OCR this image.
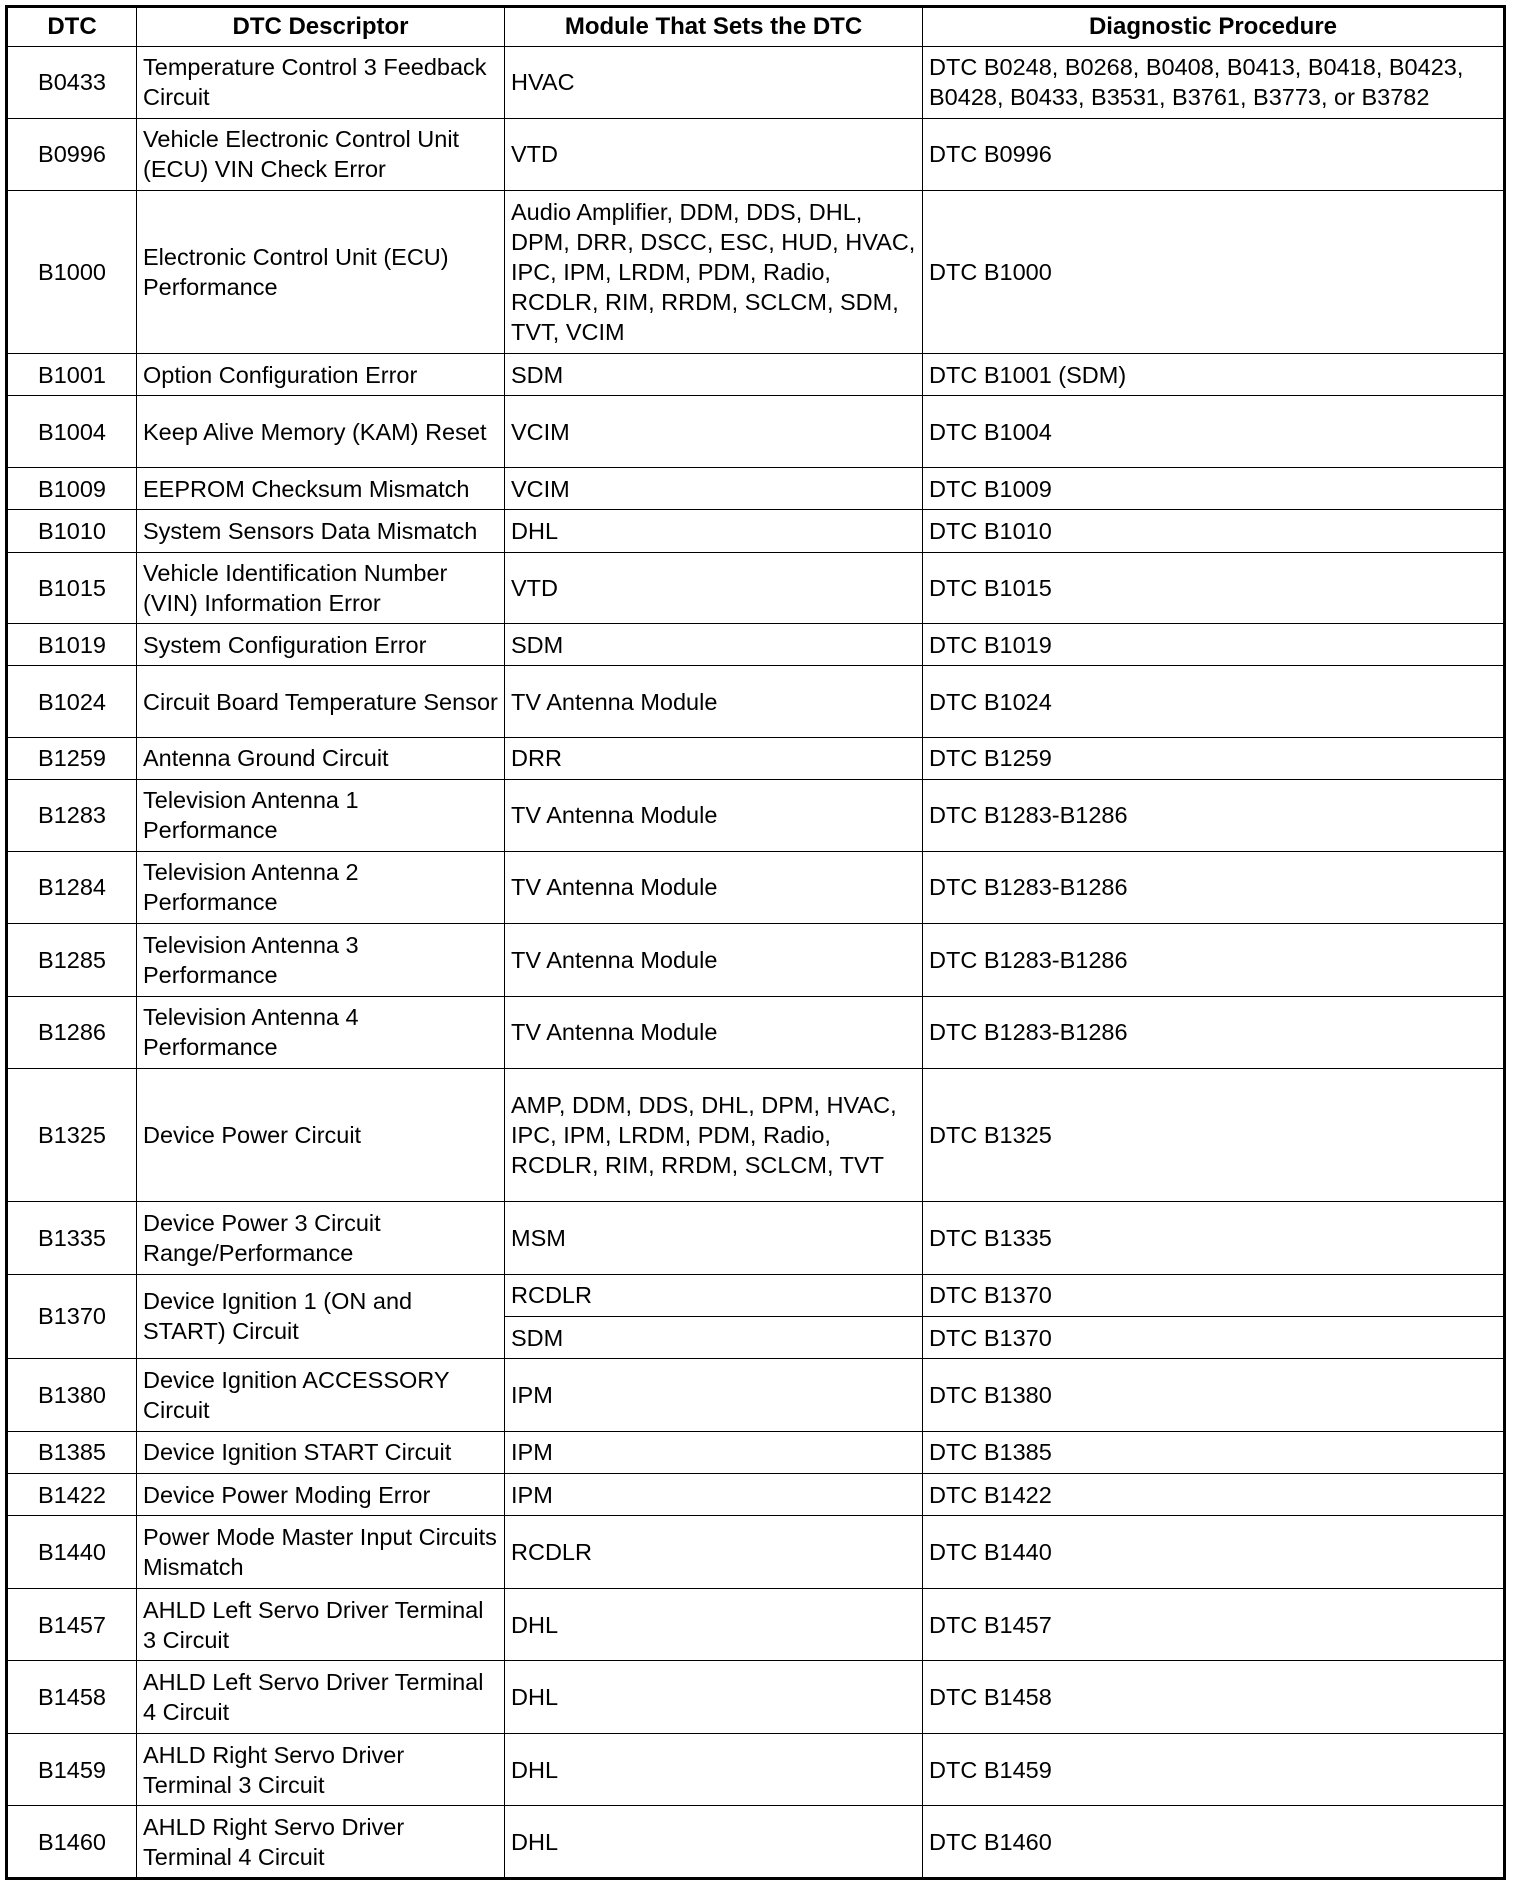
DTC	DTC Descriptor	Module That Sets the DTC	Diagnostic Procedure
B0433	Temperature Control 3 Feedback Circuit	HVAC	DTC B0248, B0268, B0408, B0413, B0418, B0423, B0428, B0433, B3531, B3761, B3773, or B3782
B0996	Vehicle Electronic Control Unit (ECU) VIN Check Error	VTD	DTC B0996
B1000	Electronic Control Unit (ECU) Performance	Audio Amplifier, DDM, DDS, DHL, DPM, DRR, DSCC, ESC, HUD, HVAC, IPC, IPM, LRDM, PDM, Radio, RCDLR, RIM, RRDM, SCLCM, SDM, TVT, VCIM	DTC B1000
B1001	Option Configuration Error	SDM	DTC B1001 (SDM)
B1004	Keep Alive Memory (KAM) Reset	VCIM	DTC B1004
B1009	EEPROM Checksum Mismatch	VCIM	DTC B1009
B1010	System Sensors Data Mismatch	DHL	DTC B1010
B1015	Vehicle Identification Number (VIN) Information Error	VTD	DTC B1015
B1019	System Configuration Error	SDM	DTC B1019
B1024	Circuit Board Temperature Sensor	TV Antenna Module	DTC B1024
B1259	Antenna Ground Circuit	DRR	DTC B1259
B1283	Television Antenna 1 Performance	TV Antenna Module	DTC B1283-B1286
B1284	Television Antenna 2 Performance	TV Antenna Module	DTC B1283-B1286
B1285	Television Antenna 3 Performance	TV Antenna Module	DTC B1283-B1286
B1286	Television Antenna 4 Performance	TV Antenna Module	DTC B1283-B1286
B1325	Device Power Circuit	AMP, DDM, DDS, DHL, DPM, HVAC, IPC, IPM, LRDM, PDM, Radio, RCDLR, RIM, RRDM, SCLCM, TVT	DTC B1325
B1335	Device Power 3 Circuit Range/Performance	MSM	DTC B1335
B1370	Device Ignition 1 (ON and START) Circuit	RCDLR	DTC B1370
		SDM	DTC B1370
B1380	Device Ignition ACCESSORY Circuit	IPM	DTC B1380
B1385	Device Ignition START Circuit	IPM	DTC B1385
B1422	Device Power Moding Error	IPM	DTC B1422
B1440	Power Mode Master Input Circuits Mismatch	RCDLR	DTC B1440
B1457	AHLD Left Servo Driver Terminal 3 Circuit	DHL	DTC B1457
B1458	AHLD Left Servo Driver Terminal 4 Circuit	DHL	DTC B1458
B1459	AHLD Right Servo Driver Terminal 3 Circuit	DHL	DTC B1459
B1460	AHLD Right Servo Driver Terminal 4 Circuit	DHL	DTC B1460
